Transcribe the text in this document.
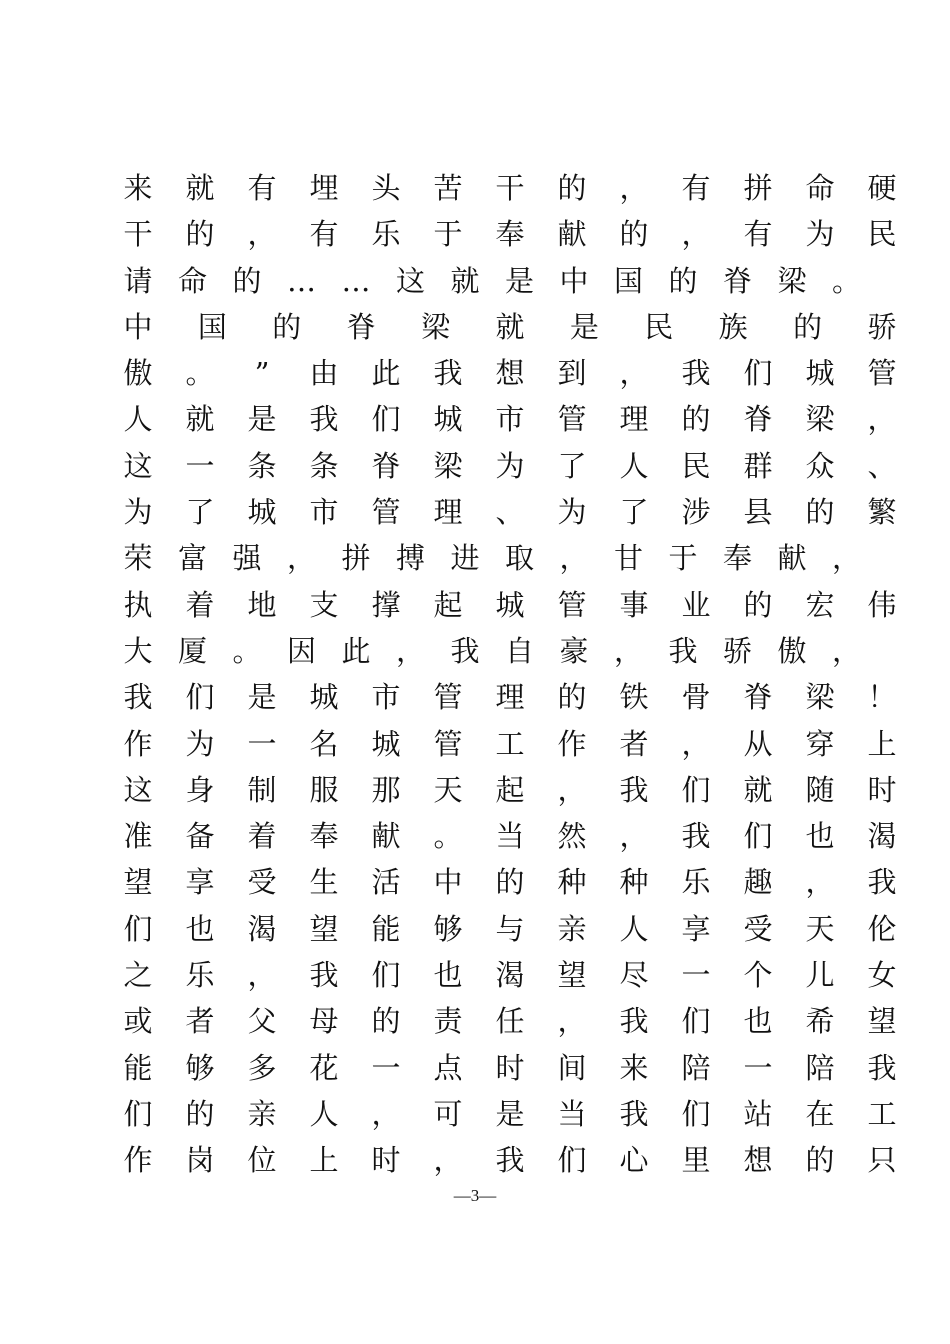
来 就 有 埋 头 苦 干 的 ， 有 拼 命 硬
干 的 ， 有 乐 于 奉 献 的 ， 有 为 民
请 命 的 … … 这 就 是 中 国 的 脊 梁 。
中 国 的 脊 梁 就 是 民 族 的 骄
傲 。	”	由 此 我 想 到 ， 我 们 城 管
人 就 是 我 们 城 市 管 理 的 脊 梁 ，
这 一 条 条 脊 梁 为 了 人 民 群 众 、
为 了 城 市 管 理 、 为 了 涉 县 的 繁
荣 富 强 ， 拼 搏 进 取 ， 甘 于 奉 献 ，
执 着 地 支 撑 起 城 管 事 业 的 宏 伟
大 厦 。 因 此 ， 我 自 豪 ， 我 骄 傲 ，
我 们 是 城 市 管 理 的 铁 骨 脊 梁 ！
作 为 一 名 城 管 工 作 者 ， 从 穿 上
这 身 制 服 那 天 起 ， 我 们 就 随 时
准 备 着 奉 献 。 当 然 ， 我 们 也 渴
望 享 受 生 活 中 的 种 种 乐 趣 ， 我
们 也 渴 望 能 够 与 亲 人 享 受 天 伦
之 乐 ， 我 们 也 渴 望 尽 一 个 儿 女
或 者 父 母 的 责 任 ， 我 们 也 希 望
能 够 多 花 一 点 时 间 来 陪 一 陪 我
们 的 亲 人 ， 可 是 当 我 们 站 在 工
作 岗 位 上 时 ， 我 们 心 里 想 的 只
—3—
